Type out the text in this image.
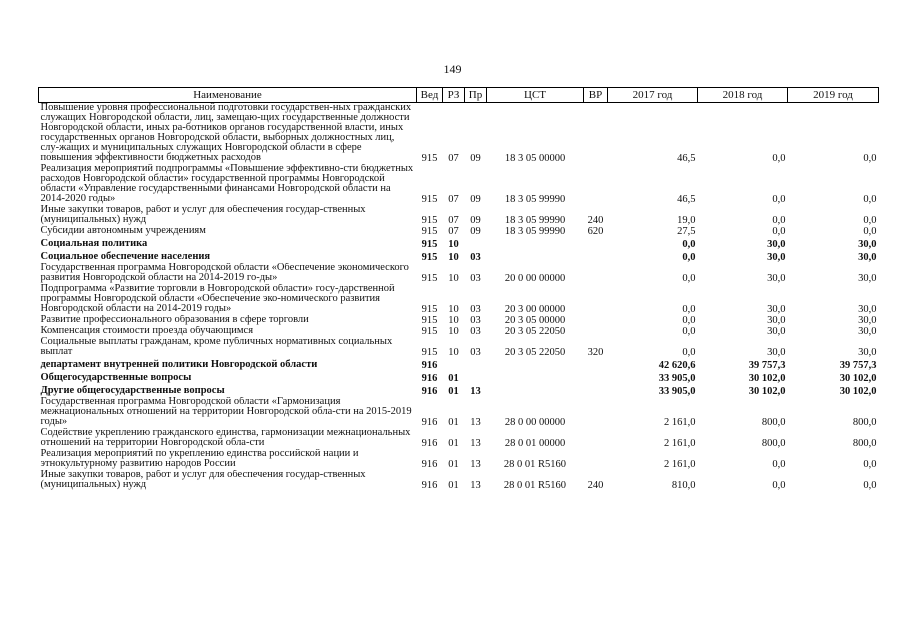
149
Наименование	Вед	РЗ	Пр	ЦСТ	ВР	2017 год	2018 год	2019 год
Повышение уровня профессиональной подготовки государствен-ных гражданских служащих Новгородской области, лиц, замещаю-щих государственные должности Новгородской области, иных ра-ботников органов государственной власти, иных государственных органов Новгородской области, выборных должностных лиц, слу-жащих и муниципальных служащих Новгородской области в сфере повышения эффективности бюджетных расходов	915	07	09	18 3 05 00000		46,5	0,0	0,0
Реализация мероприятий подпрограммы «Повышение эффективно-сти бюджетных расходов Новгородской области» государственной программы Новгородской области «Управление государственными финансами Новгородской области на 2014-2020 годы»	915	07	09	18 3 05 99990		46,5	0,0	0,0
Иные закупки товаров, работ и услуг для обеспечения государ-ственных (муниципальных) нужд	915	07	09	18 3 05 99990	240	19,0	0,0	0,0
Субсидии автономным учреждениям	915	07	09	18 3 05 99990	620	27,5	0,0	0,0
Социальная политика	915	10				0,0	30,0	30,0
Социальное обеспечение населения	915	10	03			0,0	30,0	30,0
Государственная программа Новгородской области «Обеспечение экономического развития Новгородской области на 2014-2019 го-ды»	915	10	03	20 0 00 00000		0,0	30,0	30,0
Подпрограмма «Развитие торговли в Новгородской области» госу-дарственной программы Новгородской области «Обеспечение эко-номического развития Новгородской области на 2014-2019 годы»	915	10	03	20 3 00 00000		0,0	30,0	30,0
Развитие профессионального образования в сфере торговли	915	10	03	20 3 05 00000		0,0	30,0	30,0
Компенсация стоимости проезда обучающимся	915	10	03	20 3 05 22050		0,0	30,0	30,0
Социальные выплаты гражданам, кроме публичных нормативных социальных выплат	915	10	03	20 3 05 22050	320	0,0	30,0	30,0
департамент внутренней политики Новгородской области	916					42 620,6	39 757,3	39 757,3
Общегосударственные вопросы	916	01				33 905,0	30 102,0	30 102,0
Другие общегосударственные вопросы	916	01	13			33 905,0	30 102,0	30 102,0
Государственная программа Новгородской области «Гармонизация межнациональных отношений на территории Новгородской обла-сти на 2015-2019 годы»	916	01	13	28 0 00 00000		2 161,0	800,0	800,0
Содействие укреплению гражданского единства, гармонизации межнациональных отношений на территории Новгородской обла-сти	916	01	13	28 0 01 00000		2 161,0	800,0	800,0
Реализация мероприятий по укреплению единства российской нации и этнокультурному развитию народов России	916	01	13	28 0 01 R5160		2 161,0	0,0	0,0
Иные закупки товаров, работ и услуг для обеспечения государ-ственных (муниципальных) нужд	916	01	13	28 0 01 R5160	240	810,0	0,0	0,0
